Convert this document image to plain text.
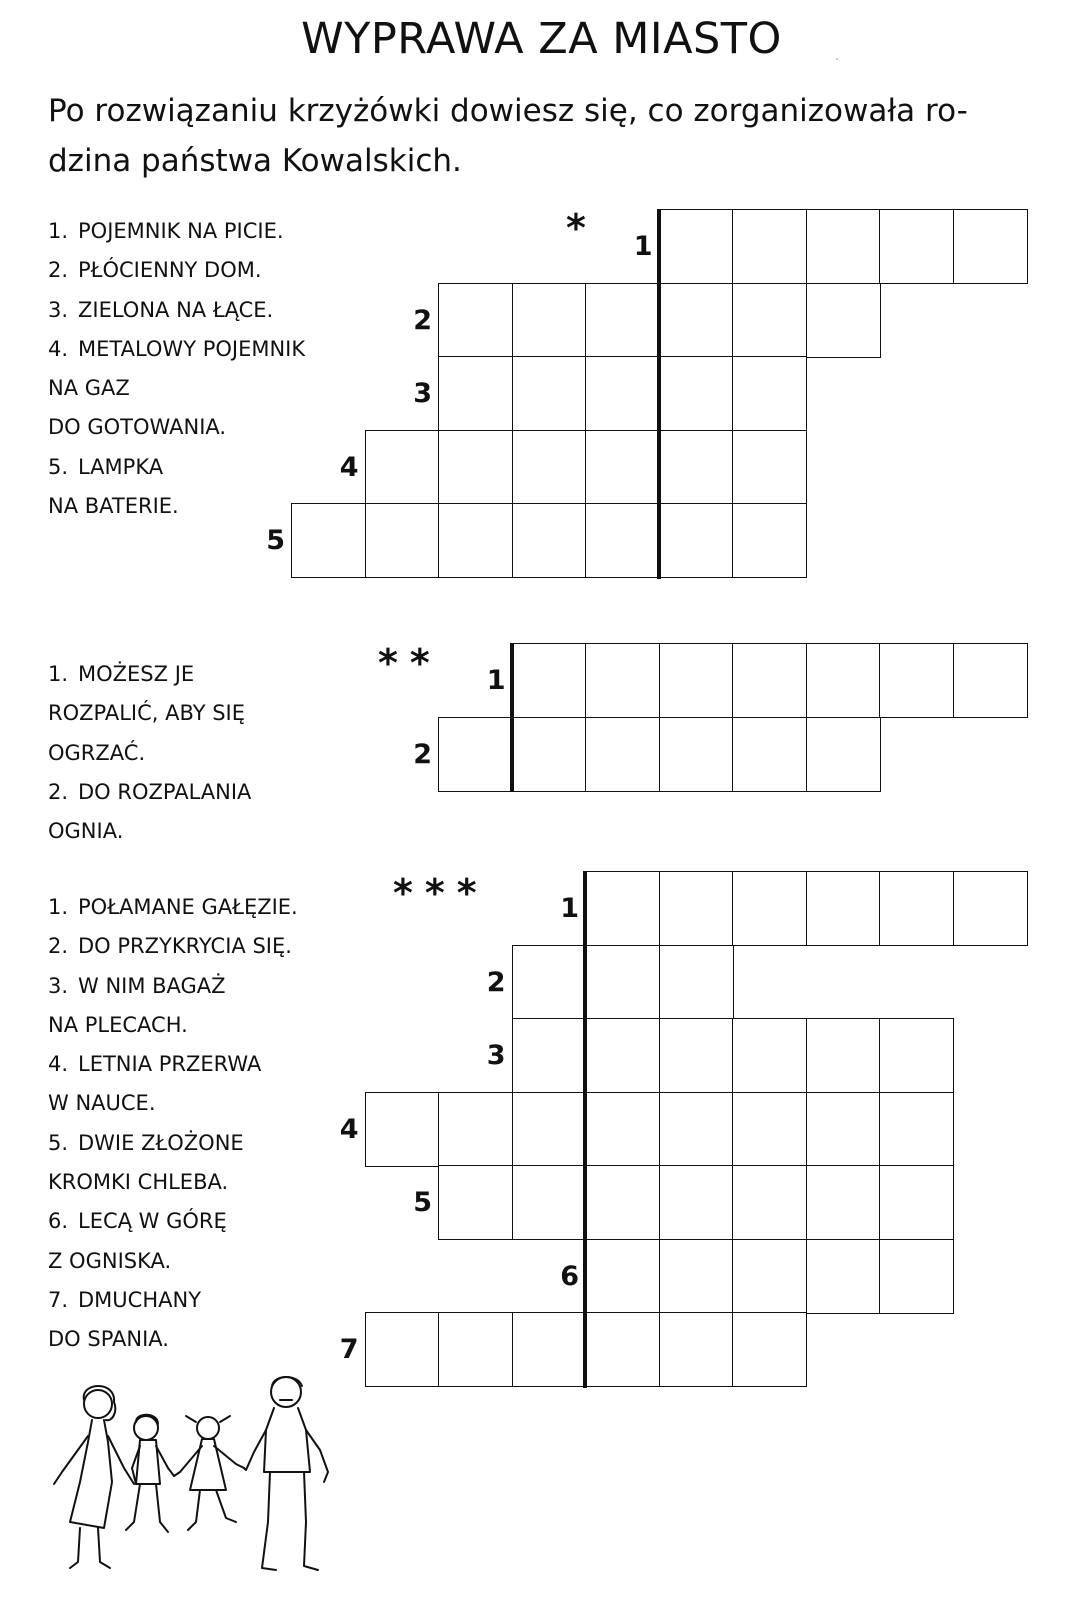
WYPRAWA ZA MIASTO
Po rozwiązaniu krzyżówki dowiesz się, co zorganizowała ro-
dzina państwa Kowalskich.
1. POJEMNIK NA PICIE.
2. PŁÓCIENNY DOM.
3. ZIELONA NA ŁĄCE.
4. METALOWY POJEMNIK
NA GAZ
DO GOTOWANIA.
5. LAMPKA
NA BATERIE.
1. MOŻESZ JE
ROZPALIĆ, ABY SIĘ
OGRZAĆ.
2. DO ROZPALANIA
OGNIA.
1. POŁAMANE GAŁĘZIE.
2. DO PRZYKRYCIA SIĘ.
3. W NIM BAGAŻ
NA PLECACH.
4. LETNIA PRZERWA
W NAUCE.
5. DWIE ZŁOŻONE
KROMKI CHLEBA.
6. LECĄ W GÓRĘ
Z OGNISKA.
7. DMUCHANY
DO SPANIA.
*
**
***
1
2
3
4
5
1
2
1
2
3
4
5
6
7
